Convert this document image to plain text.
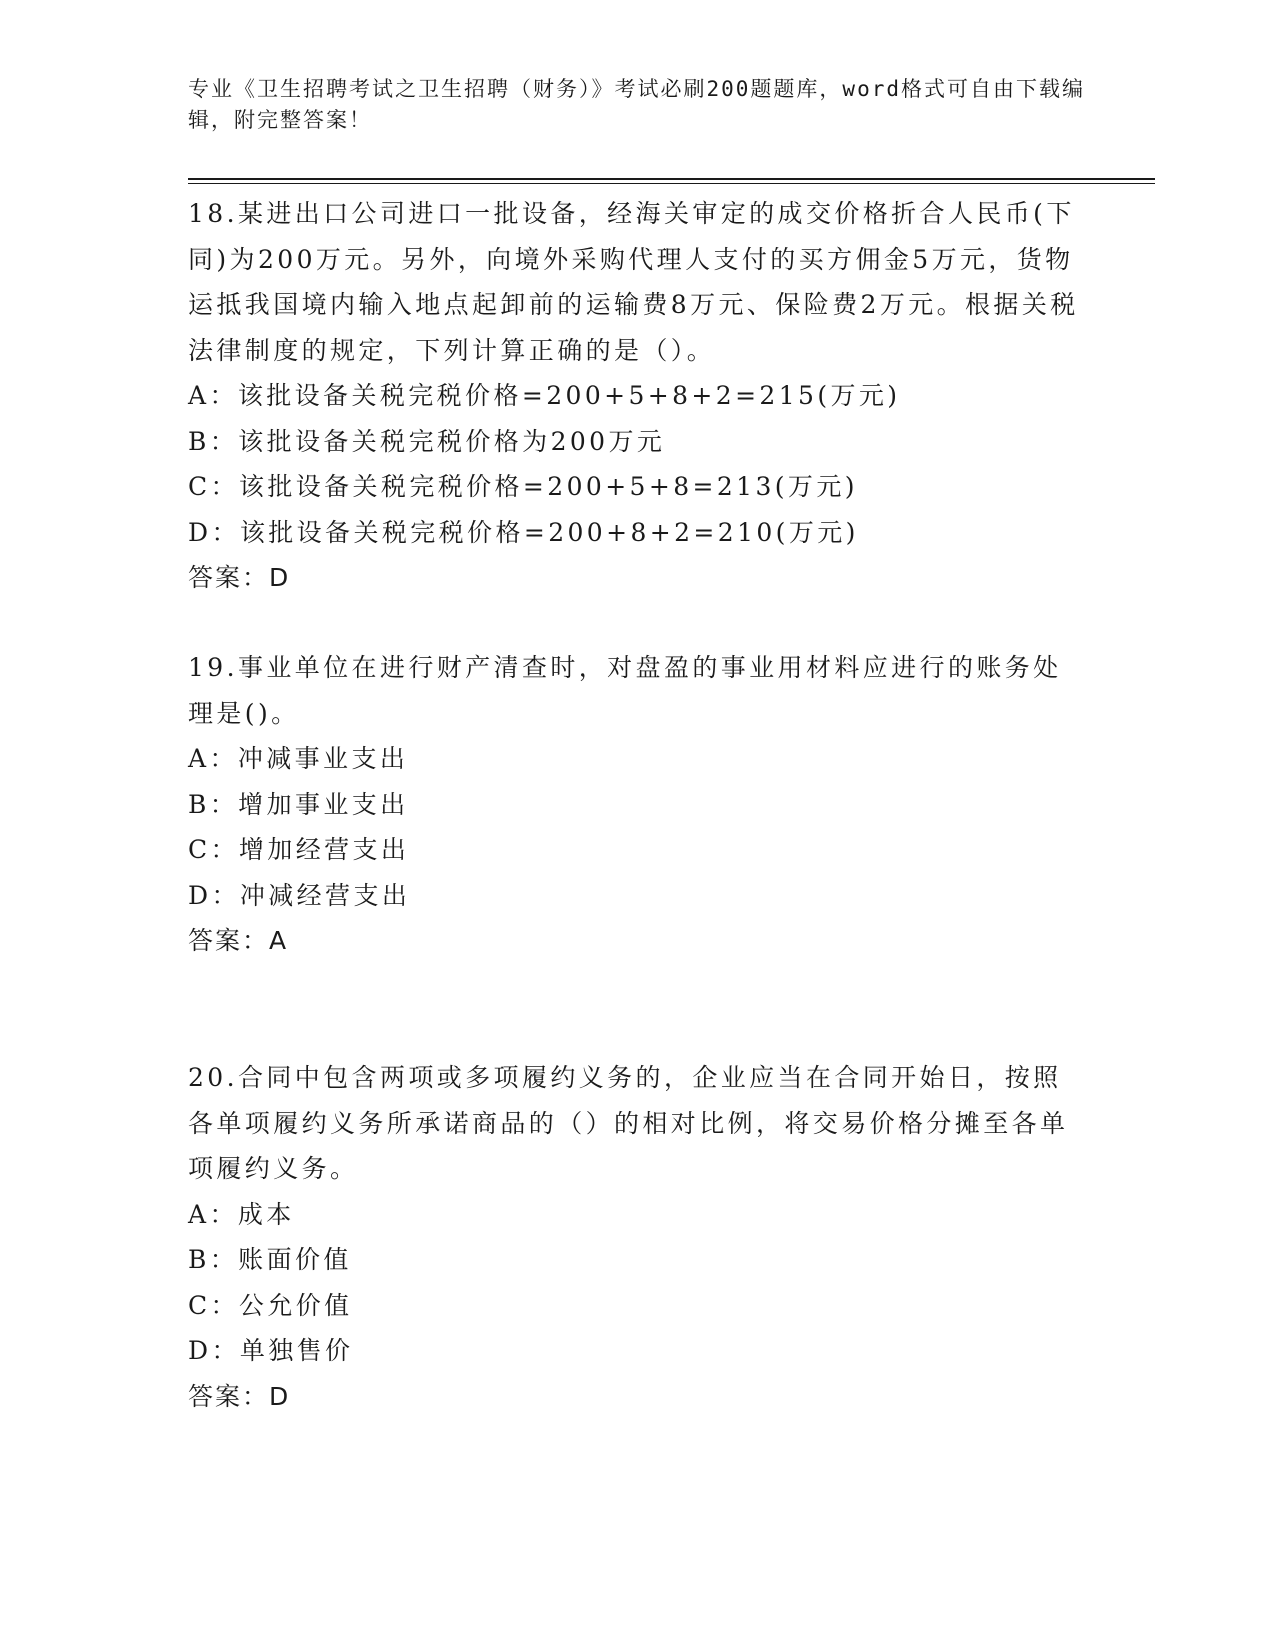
专业《卫生招聘考试之卫生招聘（财务）》考试必刷200题题库，word格式可自由下载编辑，附完整答案！

18.某进出口公司进口一批设备，经海关审定的成交价格折合人民币(下同)为200万元。另外，向境外采购代理人支付的买方佣金5万元，货物运抵我国境内输入地点起卸前的运输费8万元、保险费2万元。根据关税法律制度的规定，下列计算正确的是（）。

A：该批设备关税完税价格=200+5+8+2=215(万元)

B：该批设备关税完税价格为200万元

C：该批设备关税完税价格=200+5+8=213(万元)

D：该批设备关税完税价格=200+8+2=210(万元)

答案：D

19.事业单位在进行财产清查时，对盘盈的事业用材料应进行的账务处理是()。

A：冲减事业支出

B：增加事业支出

C：增加经营支出

D：冲减经营支出

答案：A

20.合同中包含两项或多项履约义务的，企业应当在合同开始日，按照各单项履约义务所承诺商品的（）的相对比例，将交易价格分摊至各单项履约义务。

A：成本

B：账面价值

C：公允价值

D：单独售价

答案：D
